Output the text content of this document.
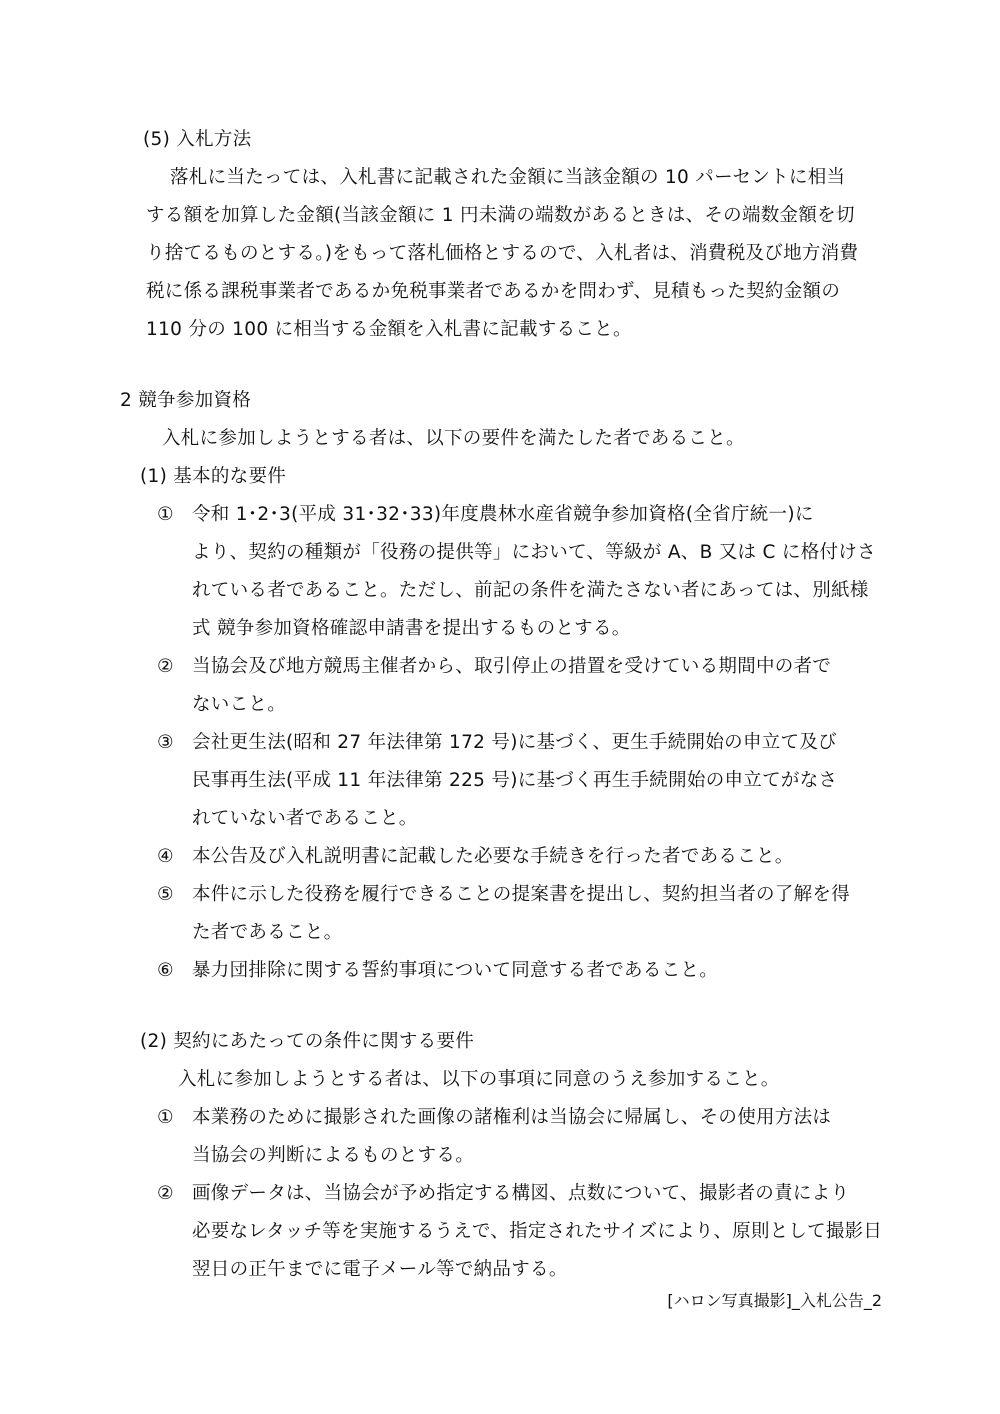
(5) 入札方法
落札に当たっては、入札書に記載された金額に当該金額の 10 パーセントに相当
する額を加算した金額(当該金額に 1 円未満の端数があるときは、その端数金額を切
り捨てるものとする。)をもって落札価格とするので、入札者は、消費税及び地方消費
税に係る課税事業者であるか免税事業者であるかを問わず、見積もった契約金額の
110 分の 100 に相当する金額を入札書に記載すること。
2 競争参加資格
入札に参加しようとする者は、以下の要件を満たした者であること。
(1) 基本的な要件
① 令和 1･2･3(平成 31･32･33)年度農林水産省競争参加資格(全省庁統一)に
より、契約の種類が「役務の提供等」において、等級が A、B 又は C に格付けさ
れている者であること。ただし、前記の条件を満たさない者にあっては、別紙様
式 競争参加資格確認申請書を提出するものとする。
② 当協会及び地方競馬主催者から、取引停止の措置を受けている期間中の者で
ないこと。
③ 会社更生法(昭和 27 年法律第 172 号)に基づく、更生手続開始の申立て及び
民事再生法(平成 11 年法律第 225 号)に基づく再生手続開始の申立てがなさ
れていない者であること。
④ 本公告及び入札説明書に記載した必要な手続きを行った者であること。
⑤ 本件に示した役務を履行できることの提案書を提出し、契約担当者の了解を得
た者であること。
⑥ 暴力団排除に関する誓約事項について同意する者であること。
(2) 契約にあたっての条件に関する要件
入札に参加しようとする者は、以下の事項に同意のうえ参加すること。
① 本業務のために撮影された画像の諸権利は当協会に帰属し、その使用方法は
当協会の判断によるものとする。
② 画像データは、当協会が予め指定する構図、点数について、撮影者の責により
必要なレタッチ等を実施するうえで、指定されたサイズにより、原則として撮影日
翌日の正午までに電子メール等で納品する。
[ハロン写真撮影]_入札公告_2
